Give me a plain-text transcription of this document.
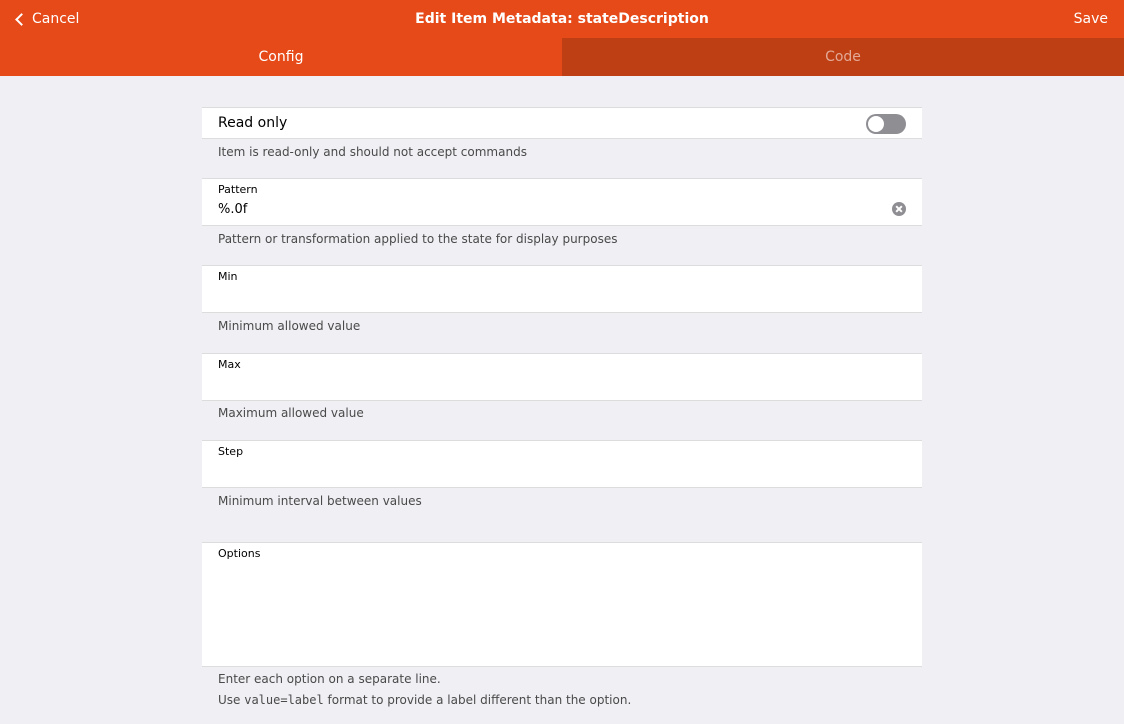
Cancel	Edit Item Metadata: stateDescription	Save
Config	Code
Read only
Item is read-only and should not accept commands
Pattern
%.0f
Pattern or transformation applied to the state for display purposes
Min
Minimum allowed value
Max
Maximum allowed value
Step
Minimum interval between values
Options
Enter each option on a separate line.
Use value=label format to provide a label different than the option.
